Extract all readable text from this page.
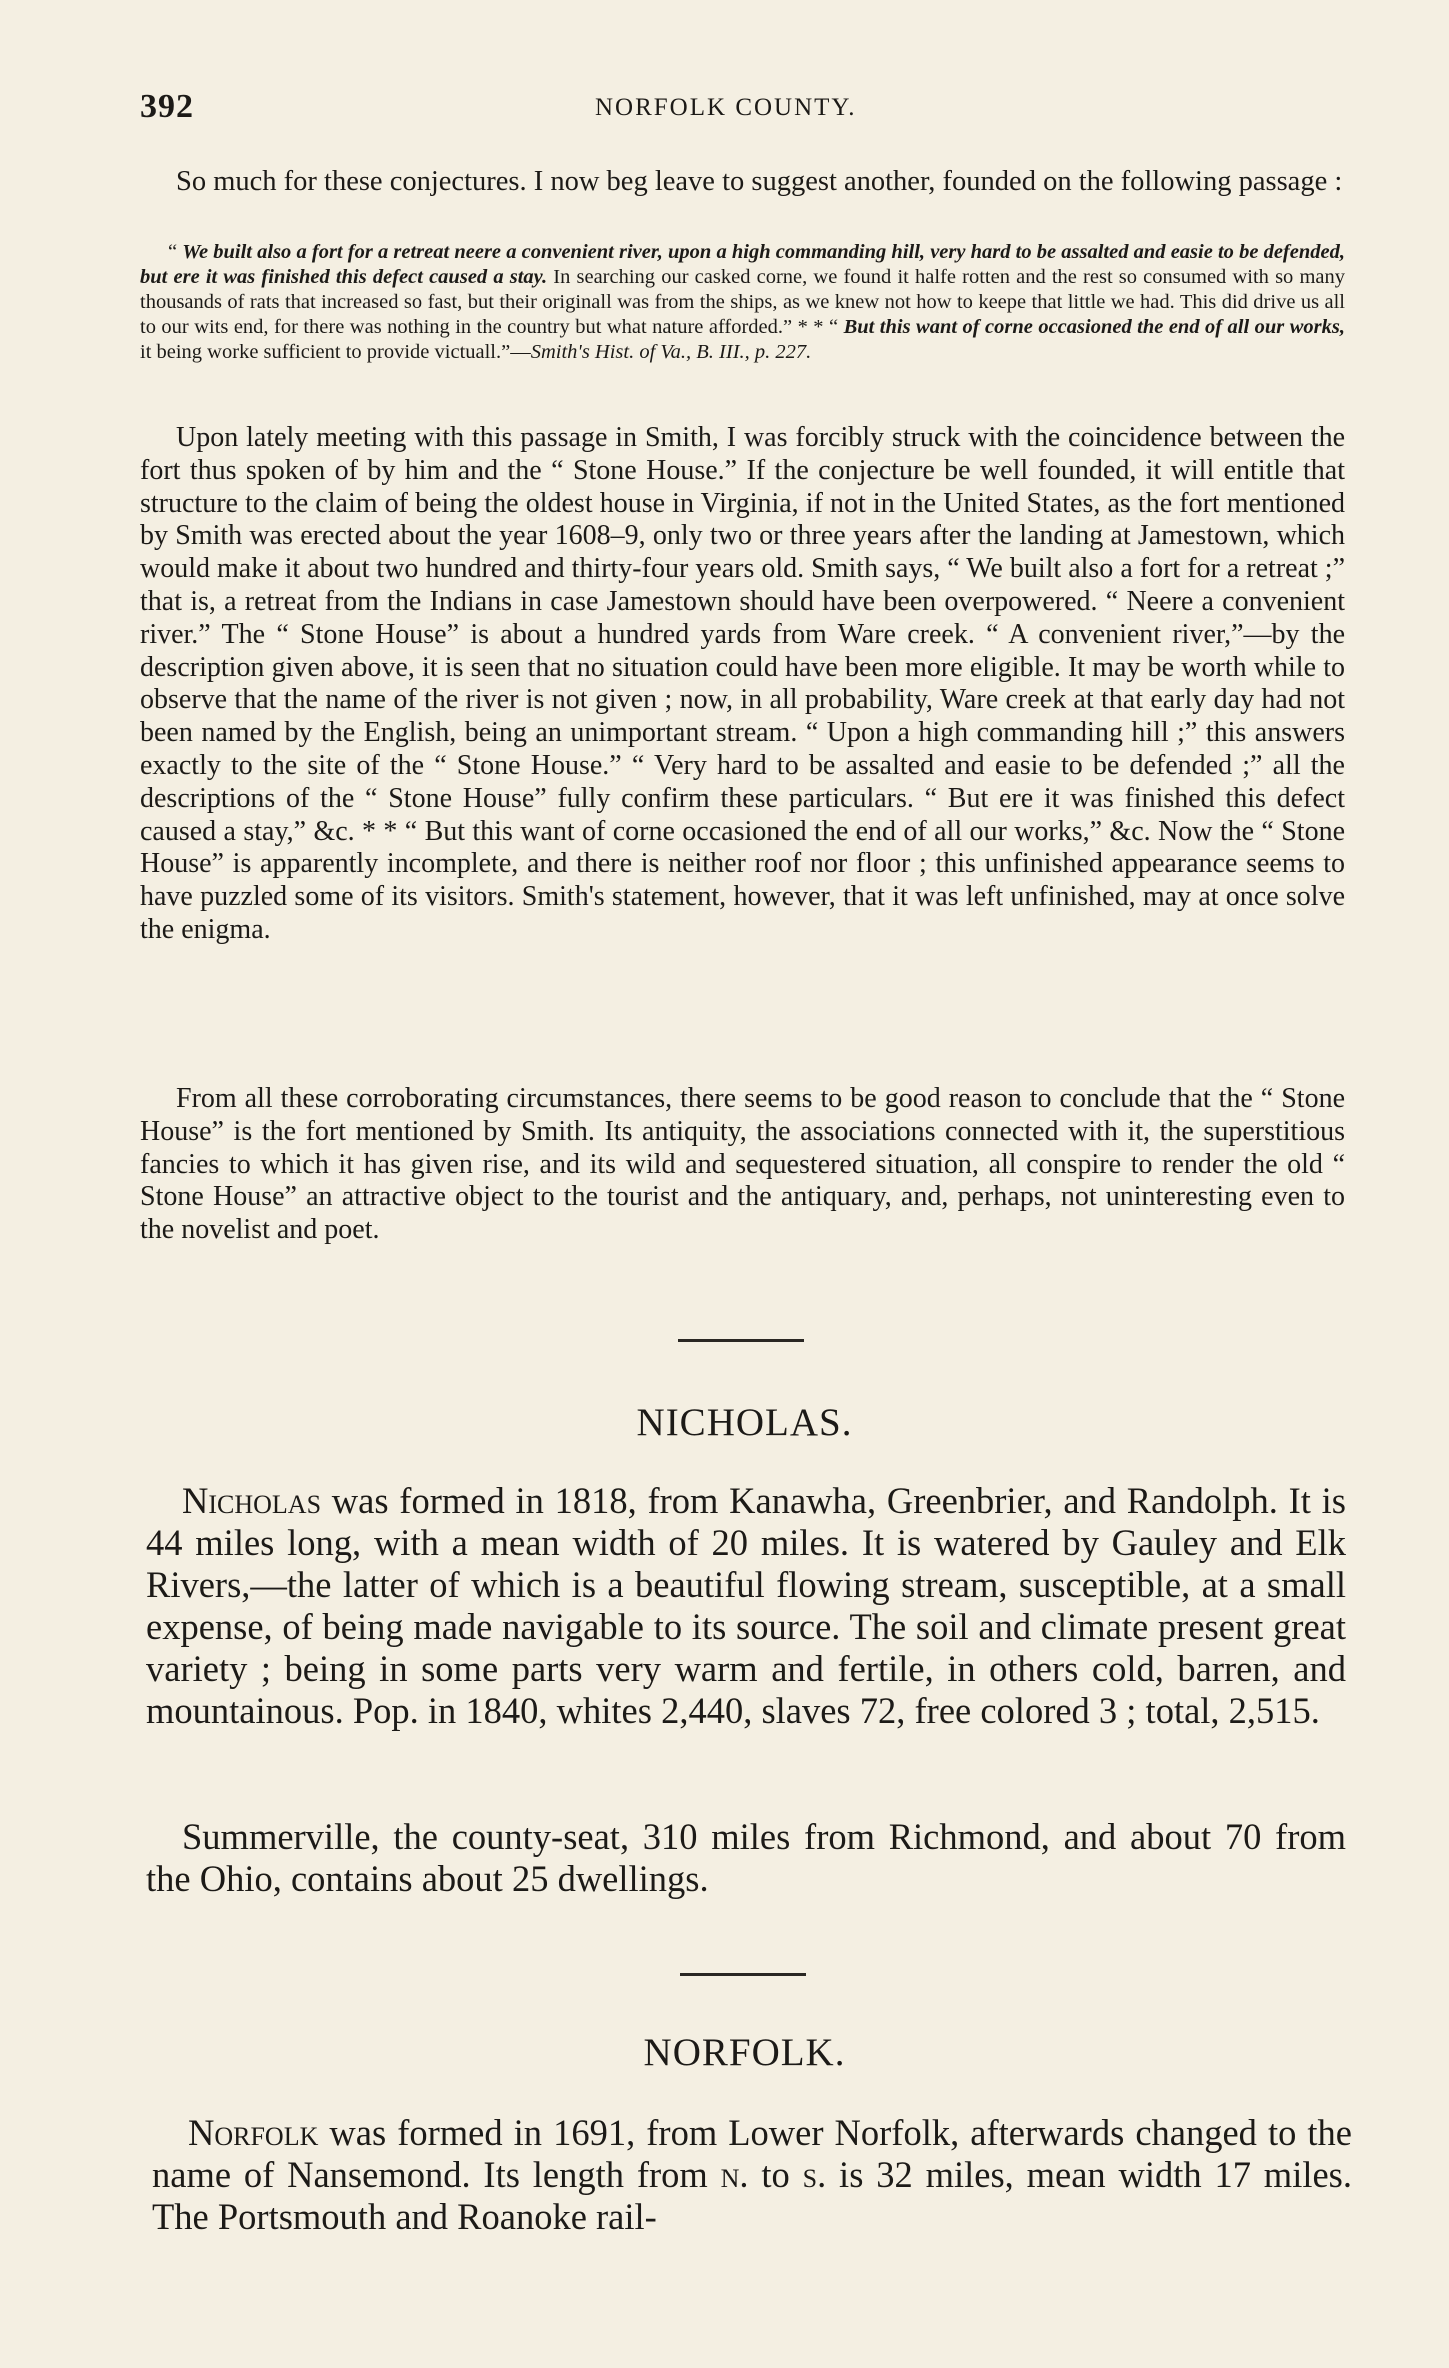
392	NORFOLK COUNTY.

So much for these conjectures. I now beg leave to suggest another, founded on the following passage :

“ We built also a fort for a retreat neere a convenient river, upon a high commanding hill, very hard to be assalted and easie to be defended, but ere it was finished this defect caused a stay. In searching our casked corne, we found it halfe rotten and the rest so consumed with so many thousands of rats that increased so fast, but their originall was from the ships, as we knew not how to keepe that little we had. This did drive us all to our wits end, for there was nothing in the country but what nature afforded.” * * “ But this want of corne occasioned the end of all our works, it being worke sufficient to provide victuall.”—Smith's Hist. of Va., B. III., p. 227.

Upon lately meeting with this passage in Smith, I was forcibly struck with the coincidence between the fort thus spoken of by him and the “ Stone House.” If the conjecture be well founded, it will entitle that structure to the claim of being the oldest house in Virginia, if not in the United States, as the fort mentioned by Smith was erected about the year 1608–9, only two or three years after the landing at Jamestown, which would make it about two hundred and thirty-four years old. Smith says, “ We built also a fort for a retreat ;” that is, a retreat from the Indians in case Jamestown should have been overpowered. “ Neere a convenient river.” The “ Stone House” is about a hundred yards from Ware creek. “ A convenient river,”—by the description given above, it is seen that no situation could have been more eligible. It may be worth while to observe that the name of the river is not given ; now, in all probability, Ware creek at that early day had not been named by the English, being an unimportant stream. “ Upon a high commanding hill ;” this answers exactly to the site of the “ Stone House.” “ Very hard to be assalted and easie to be defended ;” all the descriptions of the “ Stone House” fully confirm these particulars. “ But ere it was finished this defect caused a stay,” &c. * * “ But this want of corne occasioned the end of all our works,” &c. Now the “ Stone House” is apparently incomplete, and there is neither roof nor floor ; this unfinished appearance seems to have puzzled some of its visitors. Smith's statement, however, that it was left unfinished, may at once solve the enigma.

From all these corroborating circumstances, there seems to be good reason to conclude that the “ Stone House” is the fort mentioned by Smith. Its antiquity, the associations connected with it, the superstitious fancies to which it has given rise, and its wild and sequestered situation, all conspire to render the old “ Stone House” an attractive object to the tourist and the antiquary, and, perhaps, not uninteresting even to the novelist and poet.

NICHOLAS.

Nicholas was formed in 1818, from Kanawha, Greenbrier, and Randolph. It is 44 miles long, with a mean width of 20 miles. It is watered by Gauley and Elk Rivers,—the latter of which is a beautiful flowing stream, susceptible, at a small expense, of being made navigable to its source. The soil and climate present great variety ; being in some parts very warm and fertile, in others cold, barren, and mountainous. Pop. in 1840, whites 2,440, slaves 72, free colored 3 ; total, 2,515.

Summerville, the county-seat, 310 miles from Richmond, and about 70 from the Ohio, contains about 25 dwellings.

NORFOLK.

Norfolk was formed in 1691, from Lower Norfolk, afterwards changed to the name of Nansemond. Its length from n. to s. is 32 miles, mean width 17 miles. The Portsmouth and Roanoke rail-
